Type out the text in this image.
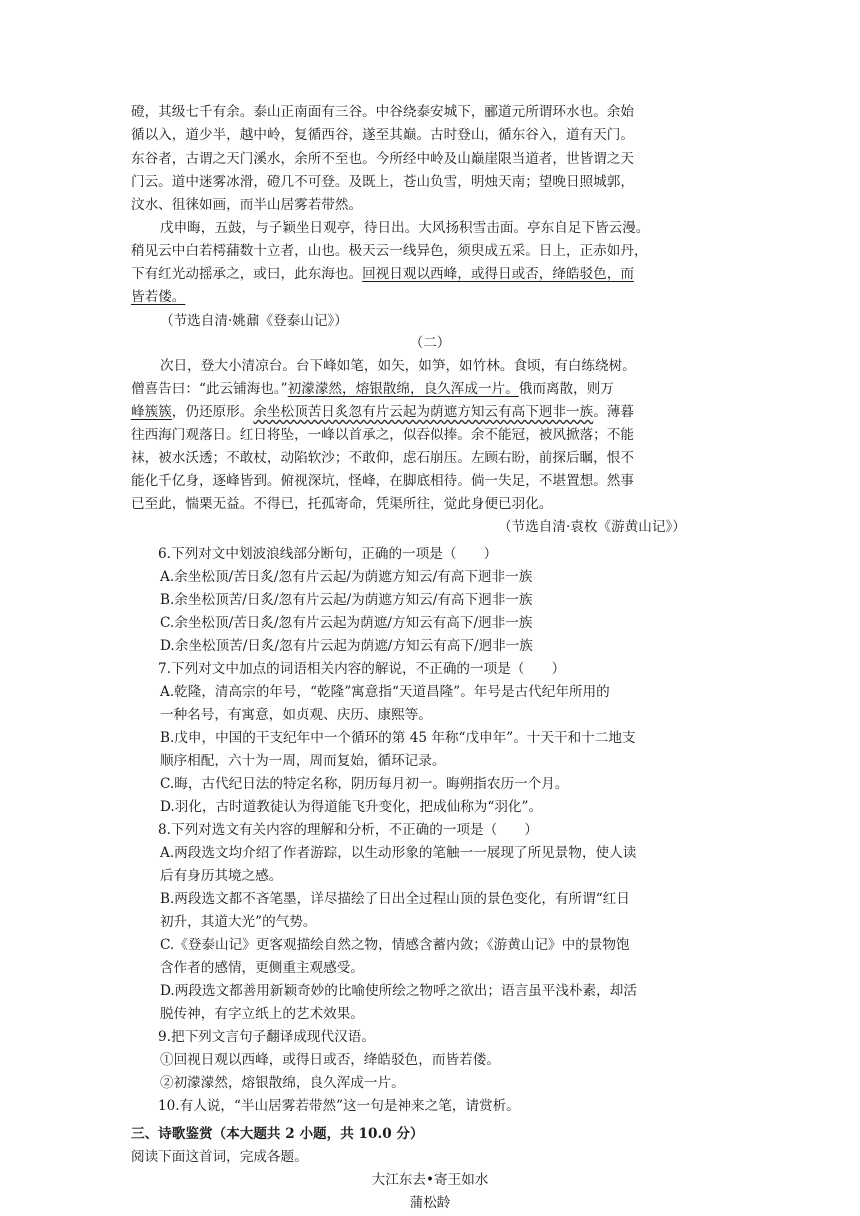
磴，其级七千有余。泰山正南面有三谷。中谷绕泰安城下，郦道元所谓环水也。余始
循以入，道少半，越中岭，复循西谷，遂至其巅。古时登山，循东谷入，道有天门。
东谷者，古谓之天门溪水，余所不至也。今所经中岭及山巅崖限当道者，世皆谓之天
门云。道中迷雾冰滑，磴几不可登。及既上，苍山负雪，明烛天南；望晚日照城郭，
汶水、徂徕如画，而半山居雾若带然。
戊申晦，五鼓，与子颖坐日观亭，待日出。大风扬积雪击面。亭东自足下皆云漫。
稍见云中白若樗蒱数十立者，山也。极天云一线异色，须臾成五采。日上，正赤如丹，
下有红光动摇承之，或曰，此东海也。回视日观以西峰，或得日或否，绛皓驳色，而
皆若偻。
（节选自清·姚鼐《登泰山记》）
（二）
次日，登大小清凉台。台下峰如笔，如矢，如笋，如竹林。食顷，有白练绕树。
僧喜告曰：“此云铺海也。”初濛濛然，熔银散绵，良久浑成一片。俄而离散，则万
峰簇簇，仍还原形。余坐松顶苦日炙忽有片云起为荫遮方知云有高下迥非一族。薄暮
往西海门观落日。红日将坠，一峰以首承之，似吞似捧。余不能冠，被风掀落；不能
袜，被水沃透；不敢杖，动陷软沙；不敢仰，虑石崩压。左顾右盼，前探后瞩，恨不
能化千亿身，逐峰皆到。俯视深坑，怪峰，在脚底相待。倘一失足，不堪置想。然事
已至此，惴栗无益。不得已，托孤寄命，凭渠所往，觉此身便已羽化。
（节选自清·袁枚《游黄山记》）
6.下列对文中划波浪线部分断句，正确的一项是（　　）
A.余坐松顶/苦日炙/忽有片云起/为荫遮方知云/有高下迥非一族
B.余坐松顶苦/日炙/忽有片云起/为荫遮方知云/有高下迥非一族
C.余坐松顶/苦日炙/忽有片云起为荫遮/方知云有高下/迥非一族
D.余坐松顶苦/日炙/忽有片云起为荫遮/方知云有高下/迥非一族
7.下列对文中加点的词语相关内容的解说，不正确的一项是（　　）
A.乾隆，清高宗的年号，“乾隆”寓意指“天道昌隆”。年号是古代纪年所用的
一种名号，有寓意，如贞观、庆历、康熙等。
B.戊申，中国的干支纪年中一个循环的第 45 年称“戊申年”。十天干和十二地支
顺序相配，六十为一周，周而复始，循环记录。
C.晦，古代纪日法的特定名称，阴历每月初一。晦朔指农历一个月。
D.羽化，古时道教徒认为得道能飞升变化，把成仙称为“羽化”。
8.下列对选文有关内容的理解和分析，不正确的一项是（　　）
A.两段选文均介绍了作者游踪，以生动形象的笔触一一展现了所见景物，使人读
后有身历其境之感。
B.两段选文都不吝笔墨，详尽描绘了日出全过程山顶的景色变化，有所谓“红日
初升，其道大光”的气势。
C.《登泰山记》更客观描绘自然之物，情感含蓄内敛；《游黄山记》中的景物饱
含作者的感情，更侧重主观感受。
D.两段选文都善用新颖奇妙的比喻使所绘之物呼之欲出；语言虽平浅朴素，却活
脱传神，有字立纸上的艺术效果。
9.把下列文言句子翻译成现代汉语。
①回视日观以西峰，或得日或否，绛皓驳色，而皆若偻。
②初濛濛然，熔银散绵，良久浑成一片。
10.有人说，“半山居雾若带然”这一句是神来之笔，请赏析。
三、诗歌鉴赏（本大题共 2 小题，共 10.0 分）
阅读下面这首词，完成各题。
大江东去•寄王如水
蒲松龄
